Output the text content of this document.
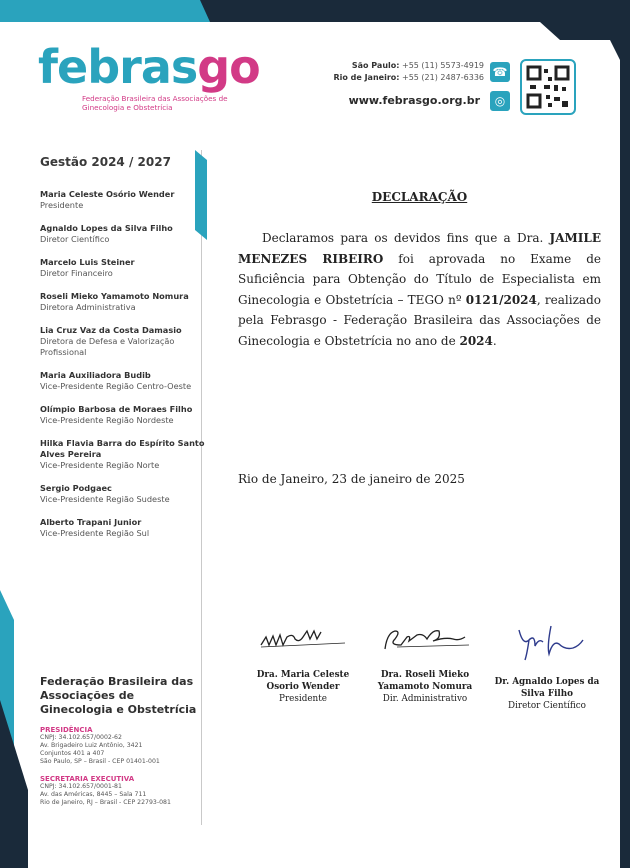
febrasgo
Federação Brasileira das Associações de Ginecologia e Obstetrícia
São Paulo: +55 (11) 5573-4919
Rio de Janeiro: +55 (21) 2487-6336 ☎
www.febrasgo.org.br	◎
Gestão 2024 / 2027
Maria Celeste Osório Wender
Presidente
Agnaldo Lopes da Silva Filho
Diretor Científico
Marcelo Luis Steiner
Diretor Financeiro
Roseli Mieko Yamamoto Nomura
Diretora Administrativa
Lia Cruz Vaz da Costa Damasio
Diretora de Defesa e Valorização Profissional
Maria Auxiliadora Budib
Vice-Presidente Região Centro-Oeste
Olímpio Barbosa de Moraes Filho
Vice-Presidente Região Nordeste
Hilka Flavia Barra do Espírito Santo Alves Pereira
Vice-Presidente Região Norte
Sergio Podgaec
Vice-Presidente Região Sudeste
Alberto Trapani Junior
Vice-Presidente Região Sul
Federação Brasileira das Associações de Ginecologia e Obstetrícia
PRESIDÊNCIA
CNPJ: 34.102.657/0002-62
Av. Brigadeiro Luiz Antônio, 3421
Conjuntos 401 a 407
São Paulo, SP – Brasil - CEP 01401-001
SECRETARIA EXECUTIVA
CNPJ: 34.102.657/0001-81
Av. das Américas, 8445 – Sala 711
Rio de Janeiro, RJ – Brasil - CEP 22793-081
DECLARAÇÃO
Declaramos para os devidos fins que a Dra. JAMILE MENEZES RIBEIRO foi aprovada no Exame de Suficiência para Obtenção do Título de Especialista em Ginecologia e Obstetrícia – TEGO nº 0121/2024, realizado pela Febrasgo - Federação Brasileira das Associações de Ginecologia e Obstetrícia no ano de 2024.
Rio de Janeiro, 23 de janeiro de 2025
Dra. Maria Celeste Osorio Wender
Presidente
Dra. Roseli Mieko Yamamoto Nomura
Dir. Administrativo
Dr. Agnaldo Lopes da Silva Filho
Diretor Científico
